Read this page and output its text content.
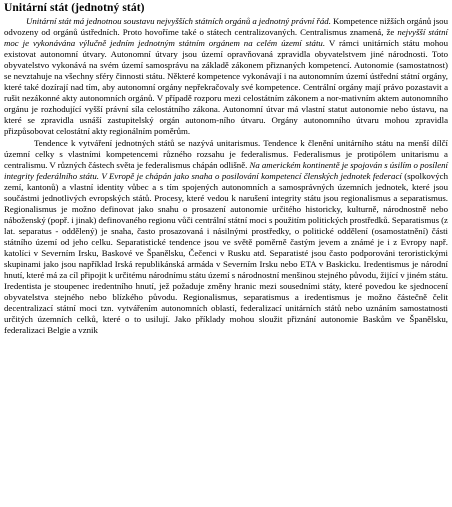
Unitární stát (jednotný stát)

Unitární stát má jednotnou soustavu nejvyšších státních orgánů a jednotný právní řád. Kompetence nižších orgánů jsou odvozeny od orgánů ústředních. Proto hovoříme také o státech centralizovaných. Centralismus znamená, že nejvyšší státní moc je vykonávána výlučně jedním jednotným státním orgánem na celém území státu. V rámci unitárních státu mohou existovat autonomní útvary. Autonomní útvary jsou území opravňovaná zpravidla obyvatelstvem jiné národnosti. Toto obyvatelstvo vykonává na svém území samosprávu na základě zákonem přiznaných kompetencí. Autonomie (samostatnost) se nevztahuje na všechny sféry činnosti státu. Některé kompetence vykonávají i na autonomním území ústřední státní orgány, které také dozírají nad tím, aby autonomní orgány nepřekračovaly své kompetence. Centrální orgány mají právo pozastavit a rušit nezákonné akty autonomních orgánů. V případě rozporu mezi celostátním zákonem a nor-mativním aktem autonomního orgánu je rozhodující vyšší právní síla celostátního zákona. Autonomní útvar má vlastní statut autonomie nebo ústavu, na které se zpravidla usnáší zastupitelský orgán autonom-ního útvaru. Orgány autonomního útvaru mohou zpravidla přizpůsobovat celostátní akty regionálním poměrům.

Tendence k vytváření jednotných států se nazývá unitarismus. Tendence k členění unitárního státu na menší dílčí územní celky s vlastními kompetencemi různého rozsahu je federalismus. Federalismus je protipólem unitarismu a centralismu. V různých částech světa je federalismus chápán odlišně. Na americkém kontinentě je spojován s úsilím o posílení integrity federálního státu. V Evropě je chápán jako snaha o posilování kompetencí členských jednotek federací (spolkových zemí, kantonů) a vlastní identity vůbec a s tím spojených autonomních a samosprávných územních jednotek, které jsou součástmi jednotlivých evropských států. Procesy, které vedou k narušení integrity státu jsou regionalismus a separatismus. Regionalismus je možno definovat jako snahu o prosazení autonomie určitého historicky, kulturně, národnostně nebo náboženský (popř. i jinak) definovaného regionu vůči centrální státní moci s použitím politických prostředků. Separatismus (z lat. separatus - oddělený) je snaha, často prosazovaná i násilnými prostředky, o politické oddělení (osamostatnění) části státního území od jeho celku. Separatistické tendence jsou ve světě poměrně častým jevem a známé je i z Evropy např. katolíci v Severním Irsku, Baskové ve Španělsku, Čečenci v Rusku atd. Separatisté jsou často podporováni teroristickými skupinami jako jsou například Irská republikánská armáda v Severním Irsku nebo ETA v Baskicku. Iredentismus je národní hnutí, které má za cíl připojit k určitému národnímu státu území s národnostní menšinou stejného původu, žijící v jiném státu. Iredentista je stoupenec iredentního hnutí, jež požaduje změny hranic mezi sousedními státy, které povedou ke sjednocení obyvatelstva stejného nebo blízkého původu. Regionalismus, separatismus a iredentismus je možno částečně čelit decentralizací státní moci tzn. vytvářením autonomních oblastí, federalizací unitárních států nebo uznáním samostatnosti určitých územních celků, které o to usilují. Jako příklady mohou sloužit přiznání autonomie Baskům ve Španělsku, federalizaci Belgie a vznik
